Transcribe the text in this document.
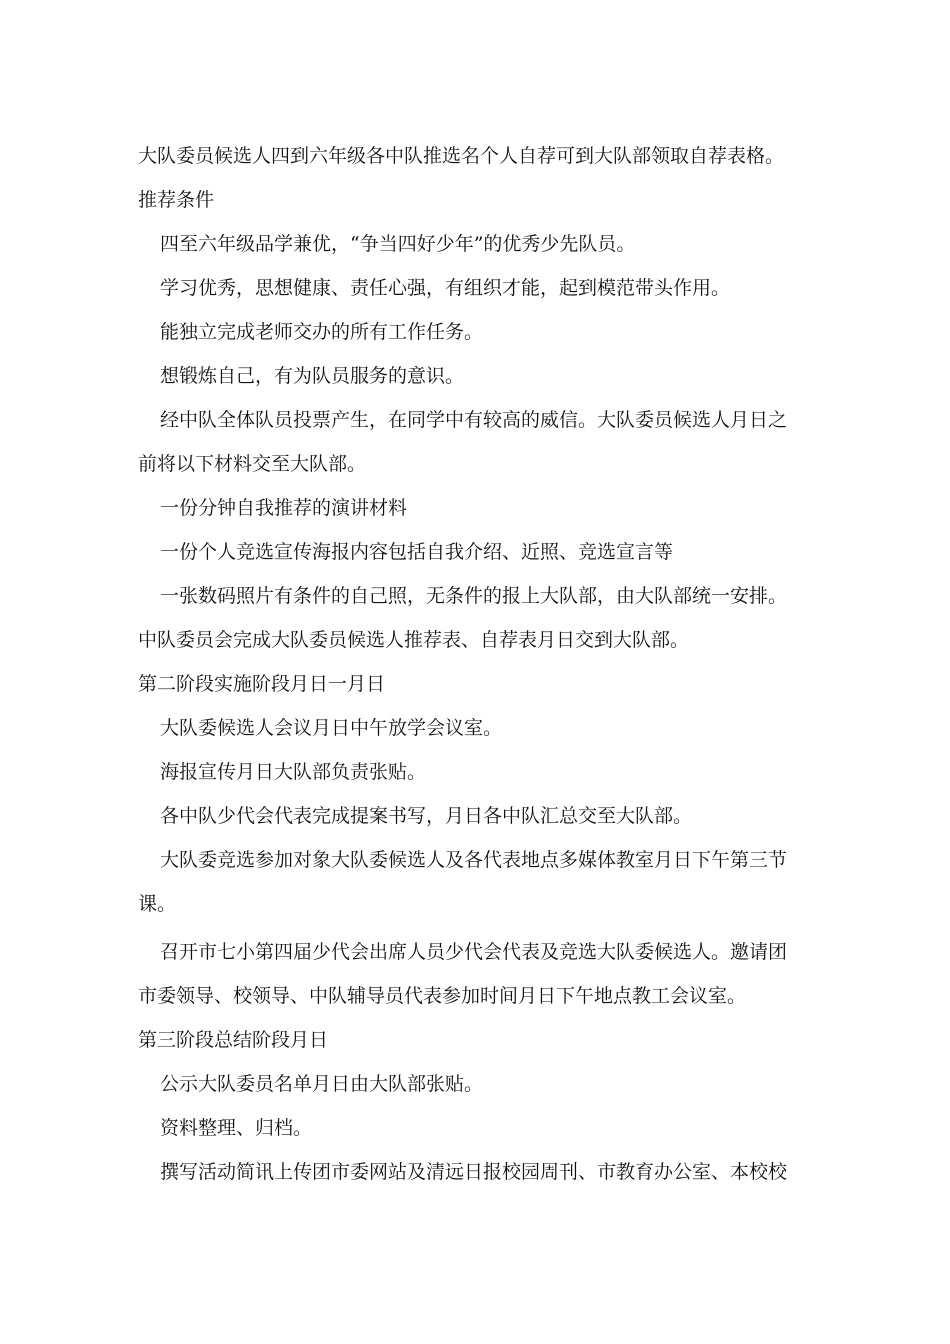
大队委员候选人四到六年级各中队推选名个人自荐可到大队部领取自荐表格。

推荐条件

四至六年级品学兼优，“争当四好少年”的优秀少先队员。

学习优秀，思想健康、责任心强，有组织才能，起到模范带头作用。

能独立完成老师交办的所有工作任务。

想锻炼自己，有为队员服务的意识。

经中队全体队员投票产生，在同学中有较高的威信。大队委员候选人月日之

前将以下材料交至大队部。

一份分钟自我推荐的演讲材料

一份个人竞选宣传海报内容包括自我介绍、近照、竞选宣言等

一张数码照片有条件的自己照，无条件的报上大队部，由大队部统一安排。

中队委员会完成大队委员候选人推荐表、自荐表月日交到大队部。

第二阶段实施阶段月日一月日

大队委候选人会议月日中午放学会议室。

海报宣传月日大队部负责张贴。

各中队少代会代表完成提案书写，月日各中队汇总交至大队部。

大队委竞选参加对象大队委候选人及各代表地点多媒体教室月日下午第三节

课。

召开市七小第四届少代会出席人员少代会代表及竞选大队委候选人。邀请团

市委领导、校领导、中队辅导员代表参加时间月日下午地点教工会议室。

第三阶段总结阶段月日

公示大队委员名单月日由大队部张贴。

资料整理、归档。

撰写活动简讯上传团市委网站及清远日报校园周刊、市教育办公室、本校校
